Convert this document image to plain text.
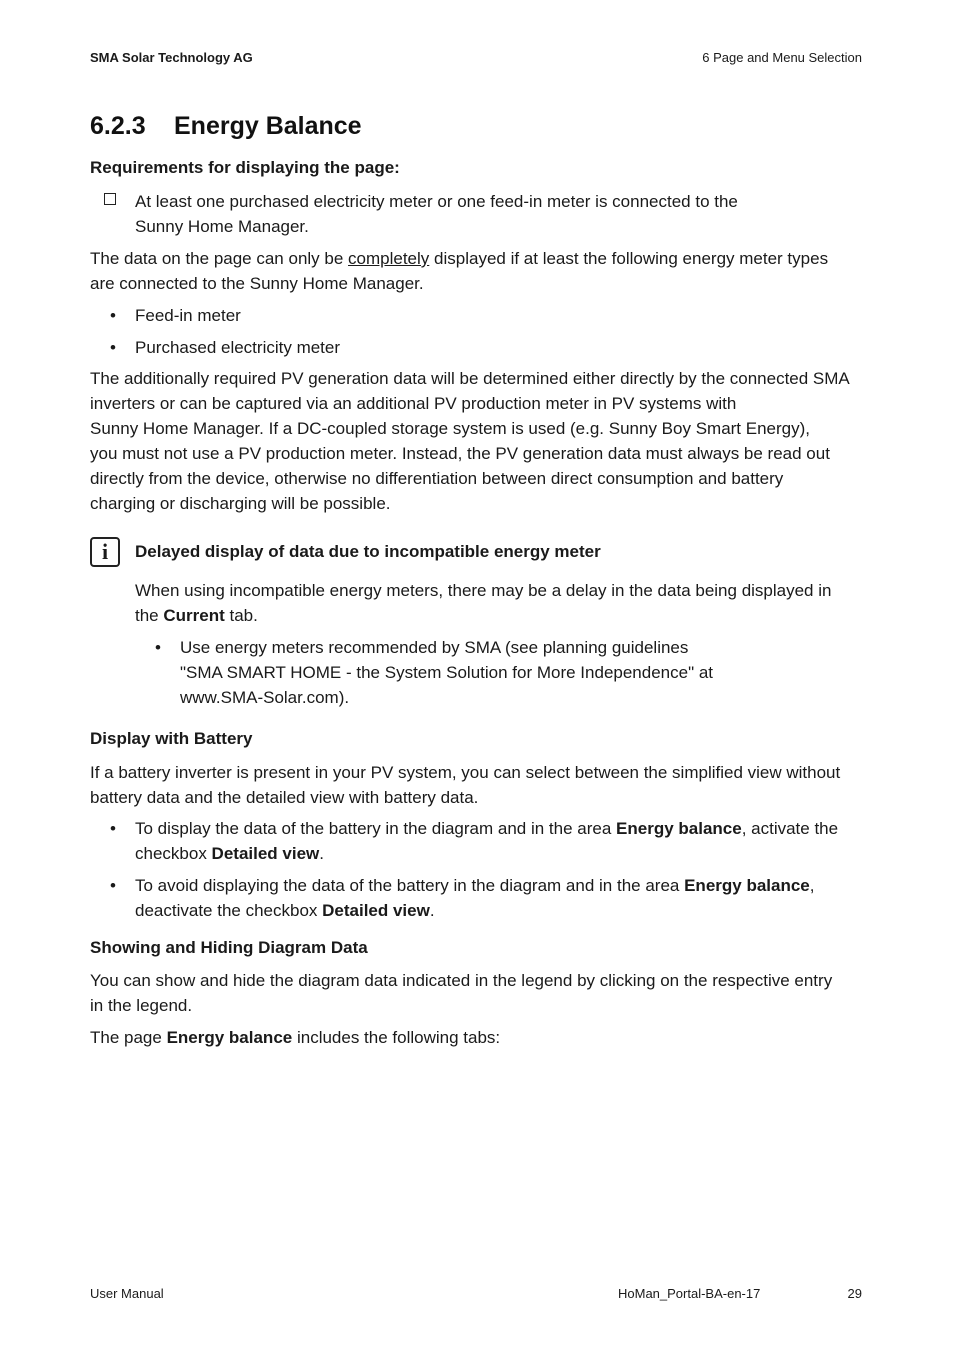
SMA Solar Technology AG	6 Page and Menu Selection
6.2.3 Energy Balance
Requirements for displaying the page:
At least one purchased electricity meter or one feed-in meter is connected to the
Sunny Home Manager.
The data on the page can only be completely displayed if at least the following energy meter types
are connected to the Sunny Home Manager.
• Feed-in meter
• Purchased electricity meter
The additionally required PV generation data will be determined either directly by the connected SMA
inverters or can be captured via an additional PV production meter in PV systems with
Sunny Home Manager. If a DC-coupled storage system is used (e.g. Sunny Boy Smart Energy),
you must not use a PV production meter. Instead, the PV generation data must always be read out
directly from the device, otherwise no differentiation between direct consumption and battery
charging or discharging will be possible.
i	Delayed display of data due to incompatible energy meter
When using incompatible energy meters, there may be a delay in the data being displayed in
the Current tab.
• Use energy meters recommended by SMA (see planning guidelines
"SMA SMART HOME - the System Solution for More Independence" at
www.SMA-Solar.com).
Display with Battery
If a battery inverter is present in your PV system, you can select between the simplified view without
battery data and the detailed view with battery data.
• To display the data of the battery in the diagram and in the area Energy balance, activate the
checkbox Detailed view.
• To avoid displaying the data of the battery in the diagram and in the area Energy balance,
deactivate the checkbox Detailed view.
Showing and Hiding Diagram Data
You can show and hide the diagram data indicated in the legend by clicking on the respective entry
in the legend.
The page Energy balance includes the following tabs:
User Manual	HoMan_Portal-BA-en-17	29
